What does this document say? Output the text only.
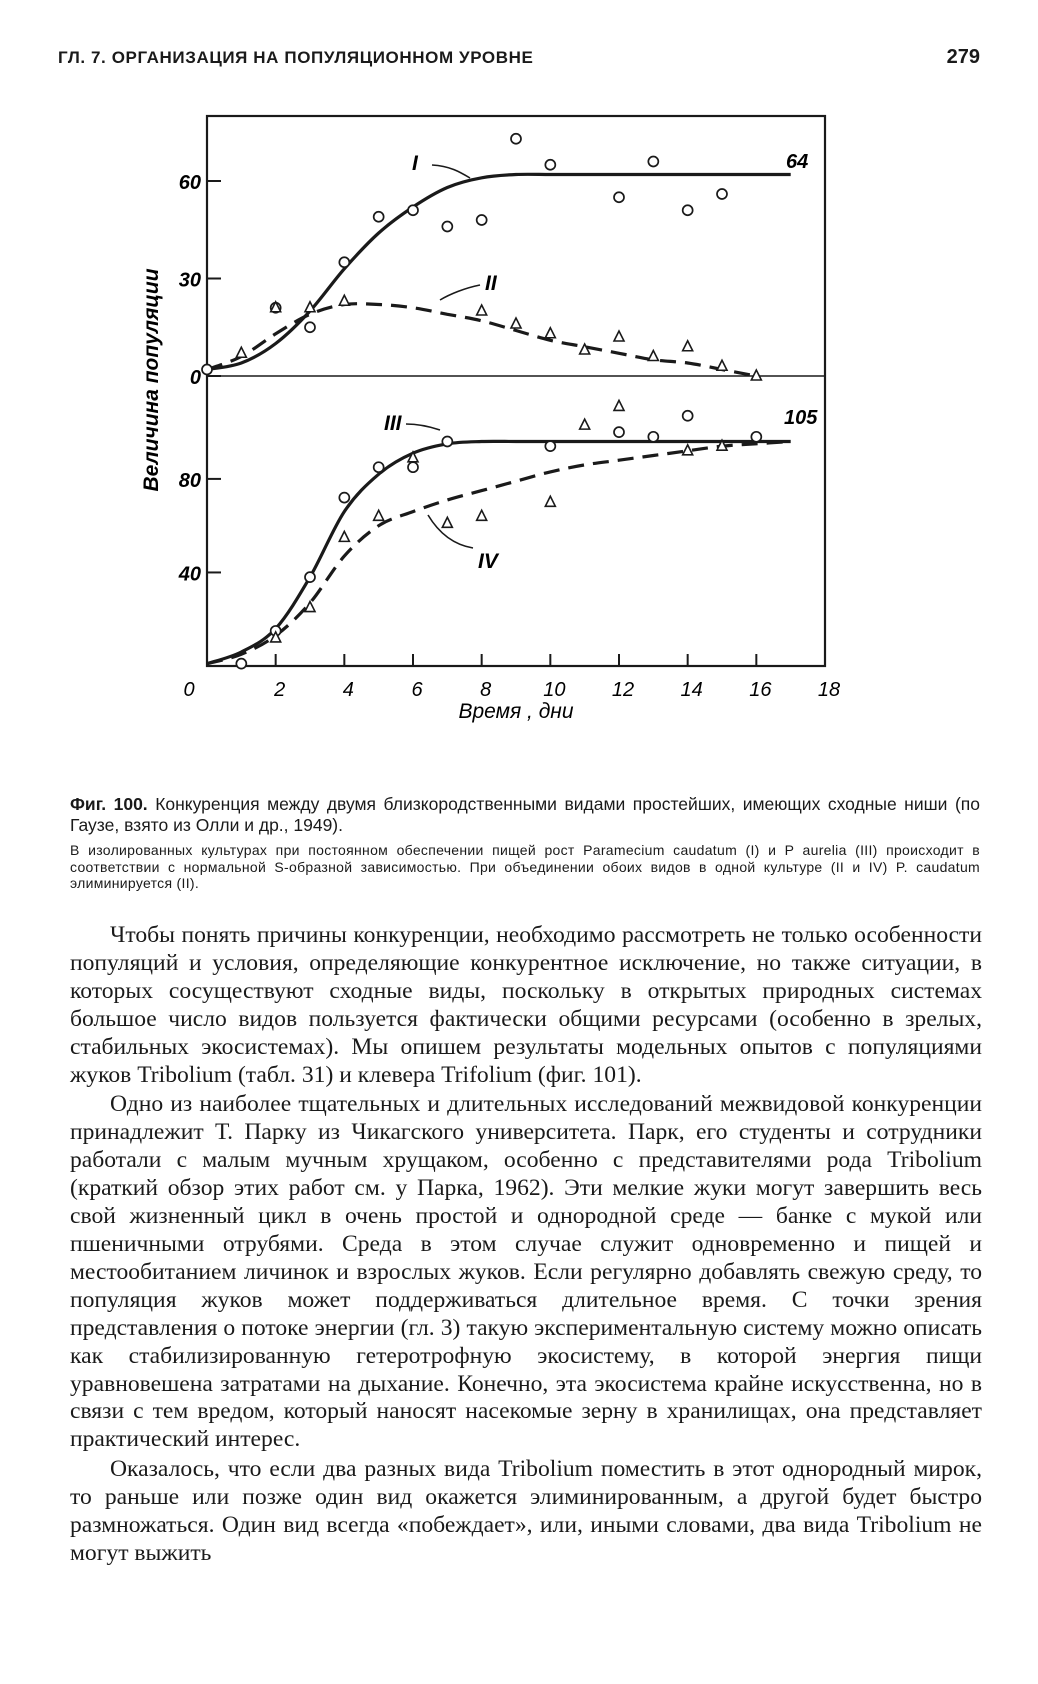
ГЛ. 7. ОРГАНИЗАЦИЯ НА ПОПУЛЯЦИОННОМ УРОВНЕ	279
0
30
60
40
80
0	2	4	6	8	10 12 14 16 18
Время , дни
Величина популяции
I
II
III
IV
64
105

Фиг. 100. Конкуренция между двумя близкородственными видами простейших, имеющих сходные ниши (по Гаузе, взято из Олли и др., 1949).

В изолированных культурах при постоянном обеспечении пищей рост Paramecium caudatum (I) и P aurelia (III) происходит в соответствии с нормальной S-образной зависимостью. При объединении обоих видов в одной культуре (II и IV) P. caudatum элиминируется (II).

Чтобы понять причины конкуренции, необходимо рассмотреть не только особенности популяций и условия, определяющие конкурентное исключение, но также ситуации, в которых сосуществуют сходные виды, поскольку в открытых природных системах большое число видов пользуется фактически общими ресурсами (особенно в зрелых, стабильных экосистемах). Мы опишем результаты модельных опытов с популяциями жуков Tribolium (табл. 31) и клевера Trifolium (фиг. 101).

Одно из наиболее тщательных и длительных исследований межвидовой конкуренции принадлежит Т. Парку из Чикагского университета. Парк, его студенты и сотрудники работали с малым мучным хрущаком, особенно с представителями рода Tribolium (краткий обзор этих работ см. у Парка, 1962). Эти мелкие жуки могут завершить весь свой жизненный цикл в очень простой и однородной среде — банке с мукой или пшеничными отрубями. Среда в этом случае служит одновременно и пищей и местообитанием личинок и взрослых жуков. Если регулярно добавлять свежую среду, то популяция жуков может поддерживаться длительное время. С точки зрения представления о потоке энергии (гл. 3) такую экспериментальную систему можно описать как стабилизированную гетеротрофную экосистему, в которой энергия пищи уравновешена затратами на дыхание. Конечно, эта экосистема крайне искусственна, но в связи с тем вредом, который наносят насекомые зерну в хранилищах, она представляет практический интерес.

Оказалось, что если два разных вида Tribolium поместить в этот однородный мирок, то раньше или позже один вид окажется элиминированным, а другой будет быстро размножаться. Один вид всегда «побеждает», или, иными словами, два вида Tribolium не могут выжить
